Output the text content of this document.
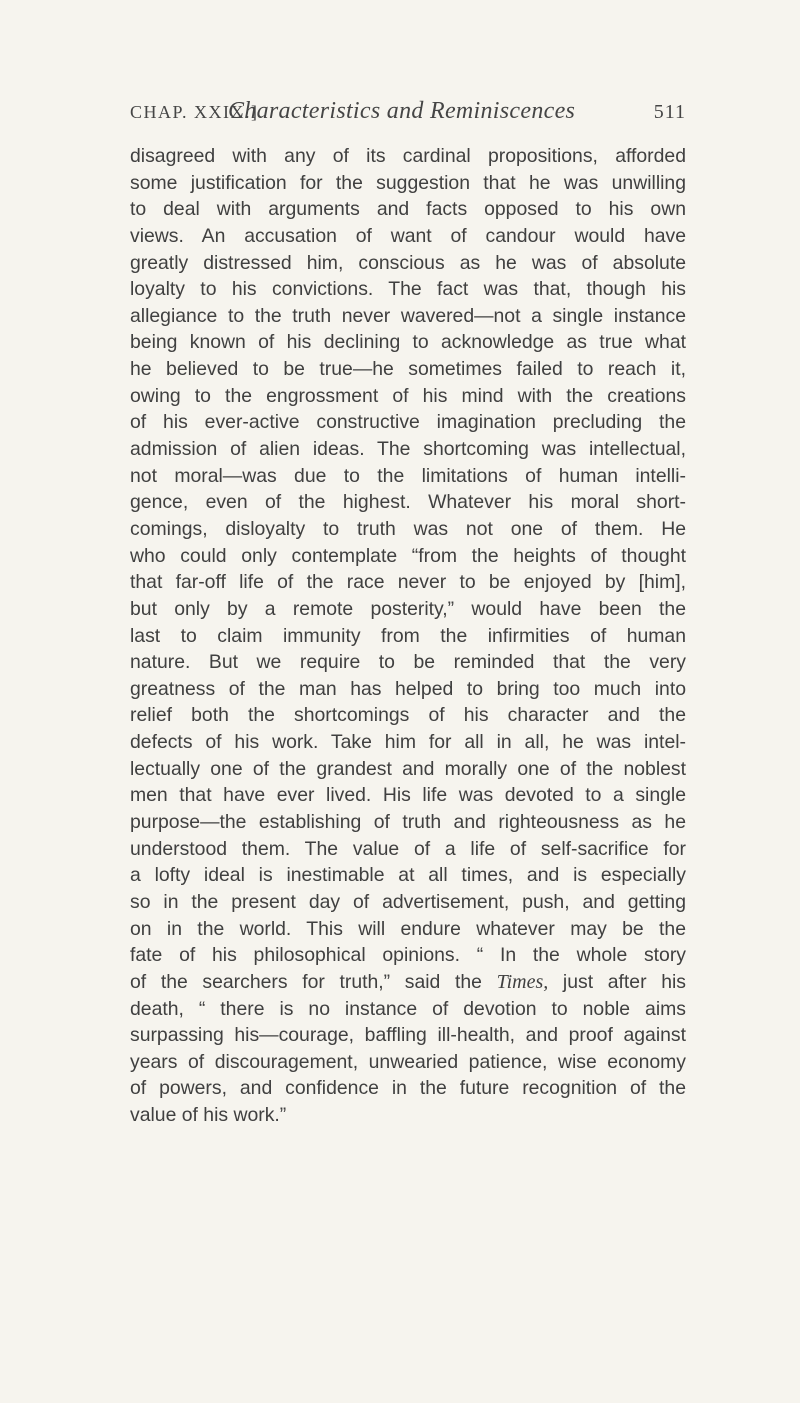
CHAP. XXIX.]
Characteristics and Reminiscences	511
disagreed with any of its cardinal propositions, afforded
some justification for the suggestion that he was unwilling
to deal with arguments and facts opposed to his own
views. An accusation of want of candour would have
greatly distressed him, conscious as he was of absolute
loyalty to his convictions. The fact was that, though his
allegiance to the truth never wavered—not a single instance
being known of his declining to acknowledge as true what
he believed to be true—he sometimes failed to reach it,
owing to the engrossment of his mind with the creations
of his ever-active constructive imagination precluding the
admission of alien ideas. The shortcoming was intellectual,
not moral—was due to the limitations of human intelli-
gence, even of the highest. Whatever his moral short-
comings, disloyalty to truth was not one of them. He
who could only contemplate “from the heights of thought
that far-off life of the race never to be enjoyed by [him],
but only by a remote posterity,” would have been the
last to claim immunity from the infirmities of human
nature. But we require to be reminded that the very
greatness of the man has helped to bring too much into
relief both the shortcomings of his character and the
defects of his work. Take him for all in all, he was intel-
lectually one of the grandest and morally one of the noblest
men that have ever lived. His life was devoted to a single
purpose—the establishing of truth and righteousness as he
understood them. The value of a life of self-sacrifice for
a lofty ideal is inestimable at all times, and is especially
so in the present day of advertisement, push, and getting
on in the world. This will endure whatever may be the
fate of his philosophical opinions. “ In the whole story
of the searchers for truth,” said the Times, just after his
death, “ there is no instance of devotion to noble aims
surpassing his—courage, baffling ill-health, and proof against
years of discouragement, unwearied patience, wise economy
of powers, and confidence in the future recognition of the
value of his work.”
